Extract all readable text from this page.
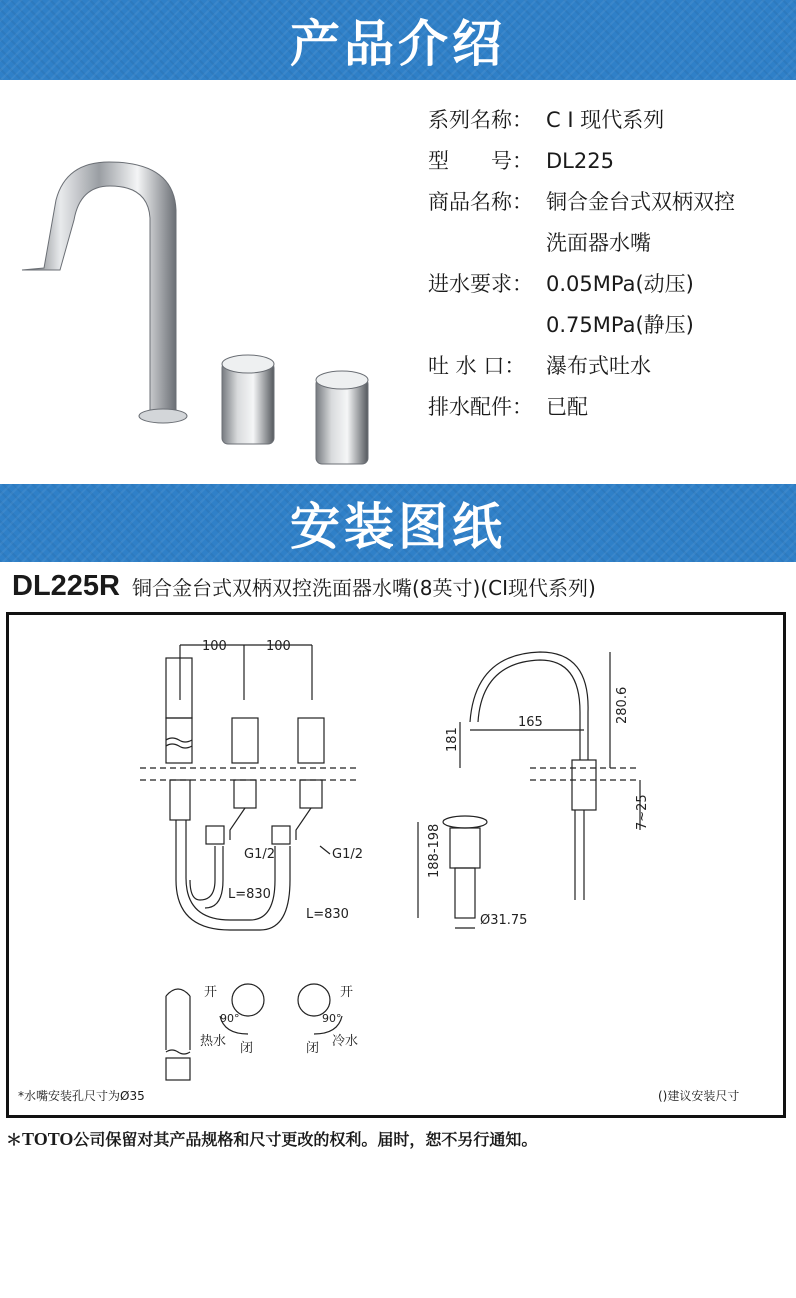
产品介绍
系列名称： C I 现代系列
型　　号： DL225
商品名称： 铜合金台式双柄双控
洗面器水嘴
进水要求： 0.05MPa(动压)
0.75MPa(静压)
吐 水 口： 瀑布式吐水
排水配件： 已配
安装图纸
DL225R 铜合金台式双柄双控洗面器水嘴(8英寸)(CI现代系列)
100	100
G1/2	G1/2
L=830
L=830
165
181
280.6
7~25
188-198
Ø31.75
开
90°
热水 闭
开
90°
闭 冷水
*水嘴安装孔尺寸为Ø35	()建议安装尺寸
＊TOTO公司保留对其产品规格和尺寸更改的权利。届时，恕不另行通知。
